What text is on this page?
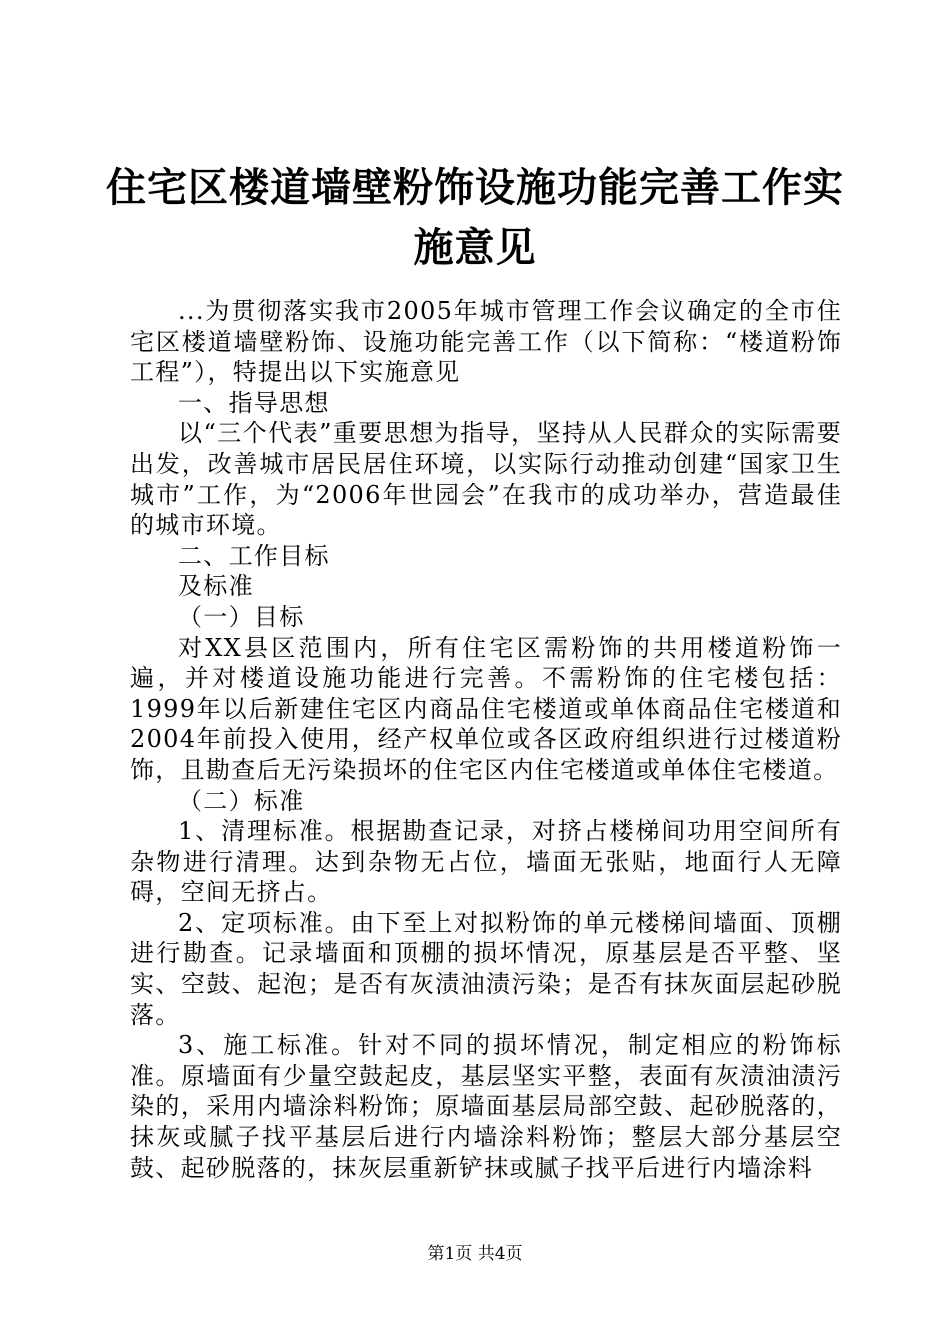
住宅区楼道墙壁粉饰设施功能完善工作实施意见

...为贯彻落实我市2005年城市管理工作会议确定的全市住宅区楼道墙壁粉饰、设施功能完善工作（以下简称：“楼道粉饰工程”），特提出以下实施意见

一、指导思想

以“三个代表”重要思想为指导，坚持从人民群众的实际需要出发，改善城市居民居住环境，以实际行动推动创建“国家卫生城市”工作，为“2006年世园会”在我市的成功举办，营造最佳的城市环境。

二、工作目标

及标准

（一）目标

对XX县区范围内，所有住宅区需粉饰的共用楼道粉饰一遍，并对楼道设施功能进行完善。不需粉饰的住宅楼包括：1999年以后新建住宅区内商品住宅楼道或单体商品住宅楼道和2004年前投入使用，经产权单位或各区政府组织进行过楼道粉饰，且勘查后无污染损坏的住宅区内住宅楼道或单体住宅楼道。

（二）标准

1、清理标准。根据勘查记录，对挤占楼梯间功用空间所有杂物进行清理。达到杂物无占位，墙面无张贴，地面行人无障碍，空间无挤占。

2、定项标准。由下至上对拟粉饰的单元楼梯间墙面、顶棚进行勘查。记录墙面和顶棚的损坏情况，原基层是否平整、坚实、空鼓、起泡；是否有灰渍油渍污染；是否有抹灰面层起砂脱落。

3、施工标准。针对不同的损坏情况，制定相应的粉饰标准。原墙面有少量空鼓起皮，基层坚实平整，表面有灰渍油渍污染的，采用内墙涂料粉饰；原墙面基层局部空鼓、起砂脱落的，抹灰或腻子找平基层后进行内墙涂料粉饰；整层大部分基层空鼓、起砂脱落的，抹灰层重新铲抹或腻子找平后进行内墙涂料

第1页 共4页
